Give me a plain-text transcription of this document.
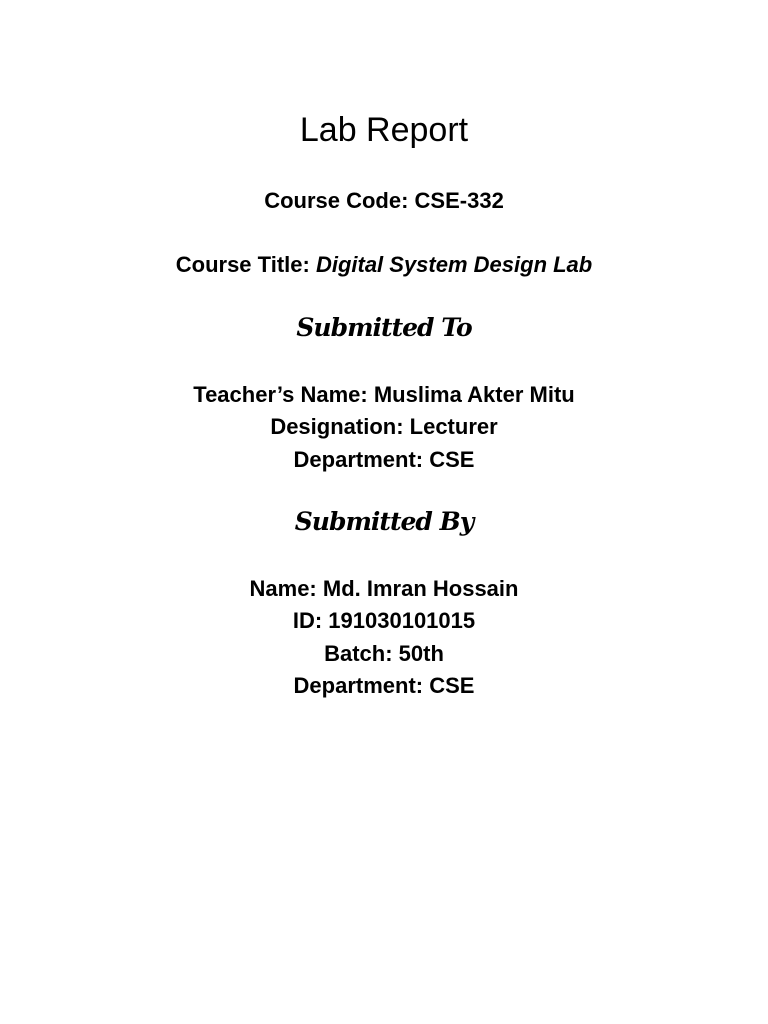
Lab Report
Course Code: CSE-332
Course Title: Digital System Design Lab
Submitted To
Teacher’s Name: Muslima Akter Mitu
Designation: Lecturer
Department: CSE
Submitted By
Name: Md. Imran Hossain
ID: 191030101015
Batch: 50th
Department: CSE
